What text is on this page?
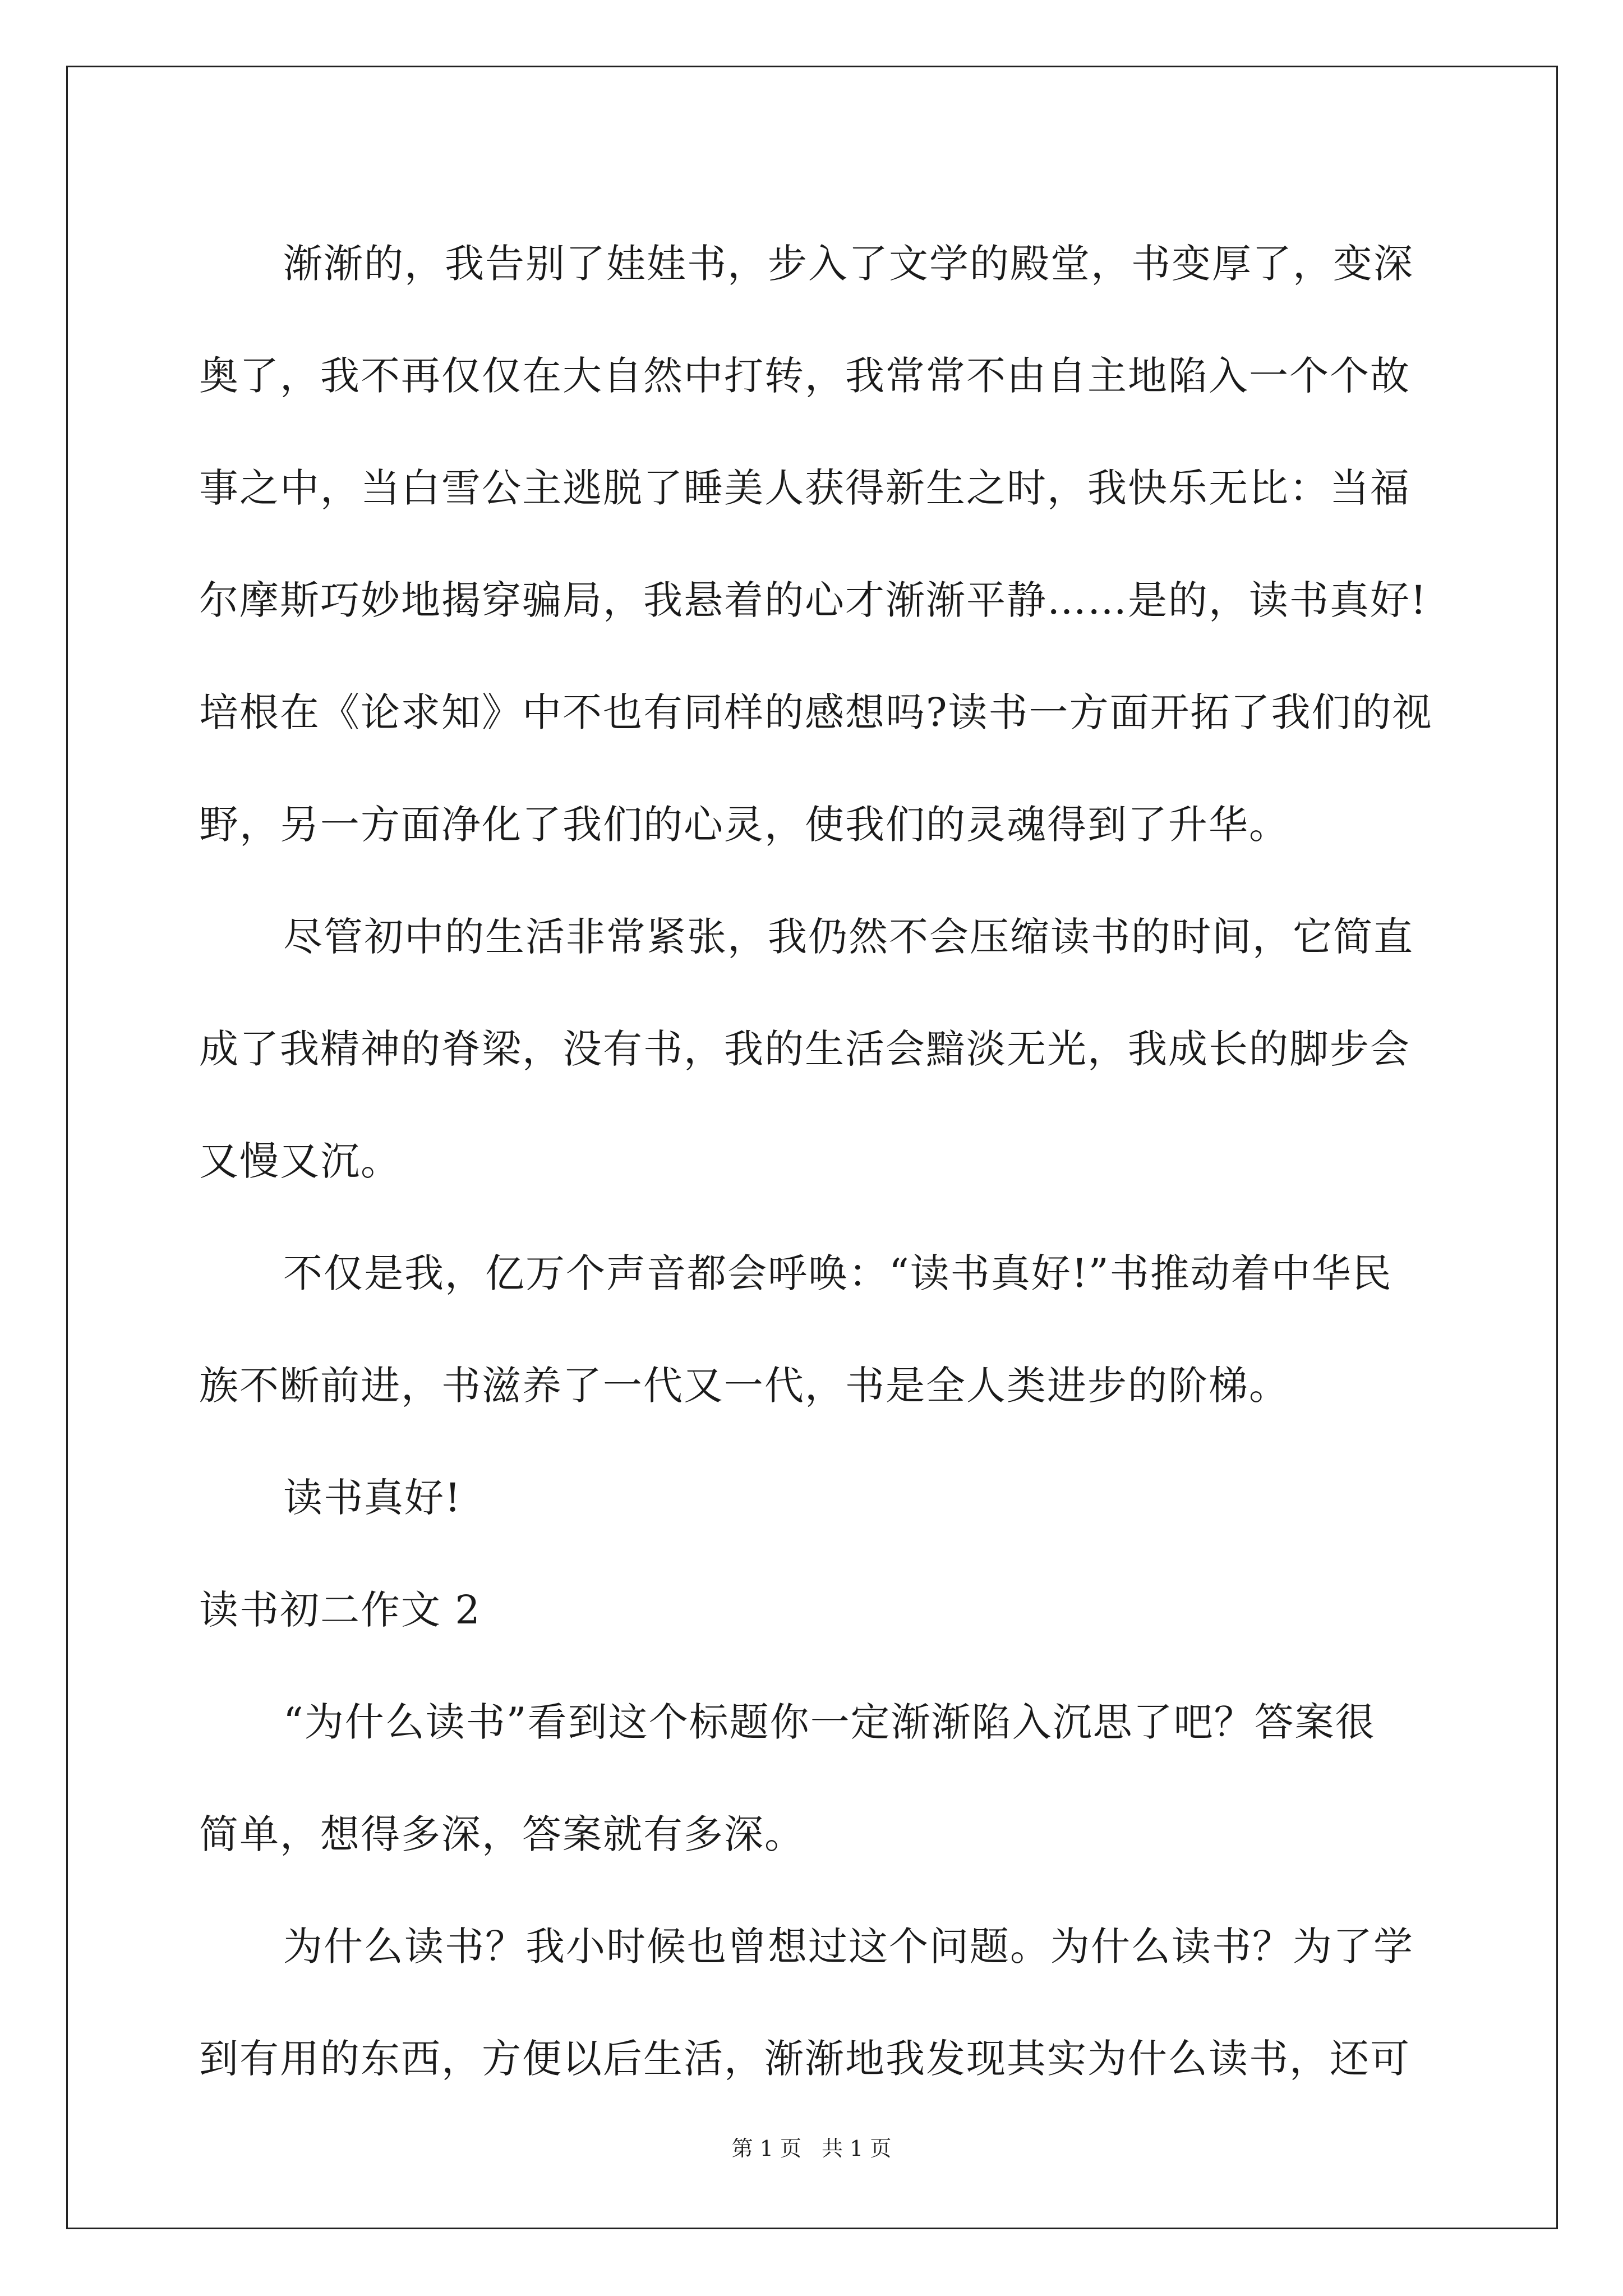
渐渐的，我告别了娃娃书，步入了文学的殿堂，书变厚了，变深
奥了，我不再仅仅在大自然中打转，我常常不由自主地陷入一个个故
事之中，当白雪公主逃脱了睡美人获得新生之时，我快乐无比：当福
尔摩斯巧妙地揭穿骗局，我悬着的心才渐渐平静……是的，读书真好!
培根在《论求知》中不也有同样的感想吗?读书一方面开拓了我们的视
野，另一方面净化了我们的心灵，使我们的灵魂得到了升华。
尽管初中的生活非常紧张，我仍然不会压缩读书的时间，它简直
成了我精神的脊梁，没有书，我的生活会黯淡无光，我成长的脚步会
又慢又沉。
不仅是我，亿万个声音都会呼唤：“读书真好!”书推动着中华民
族不断前进，书滋养了一代又一代，书是全人类进步的阶梯。
读书真好!
读书初二作文 2
“为什么读书”看到这个标题你一定渐渐陷入沉思了吧？答案很
简单，想得多深，答案就有多深。
为什么读书？我小时候也曾想过这个问题。为什么读书？为了学
到有用的东西，方便以后生活，渐渐地我发现其实为什么读书，还可
第 1 页 共 1 页
